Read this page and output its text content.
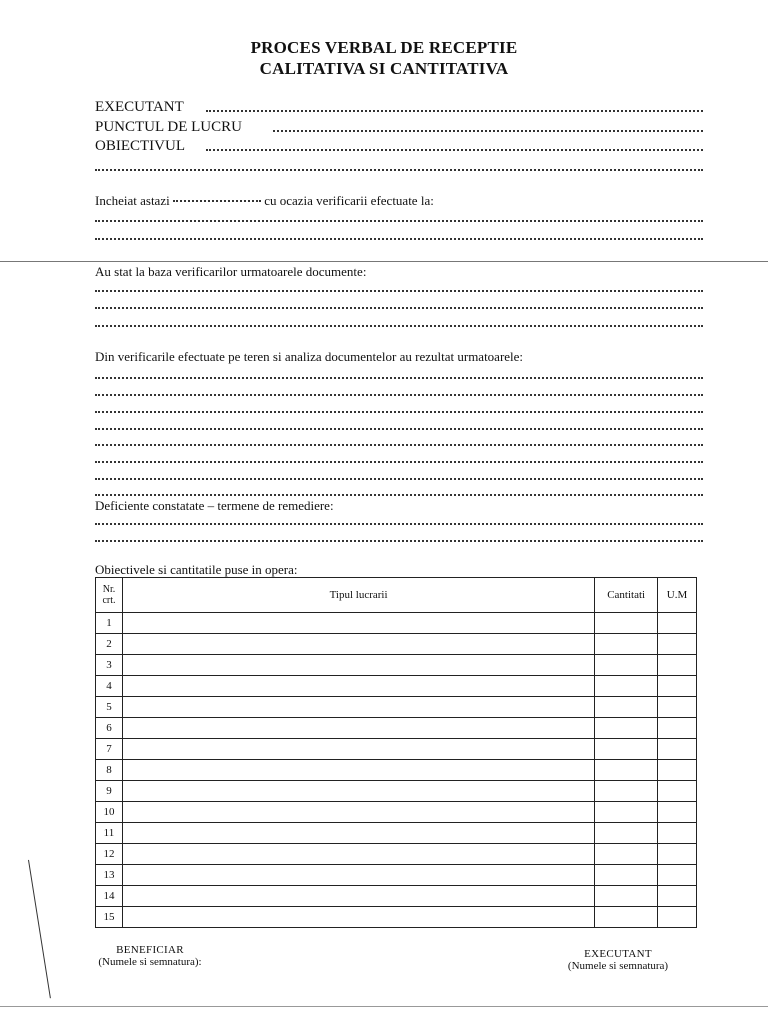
PROCES VERBAL DE RECEPTIE
CALITATIVA SI CANTITATIVA
EXECUTANT
PUNCTUL DE LUCRU
OBIECTIVUL
Incheiat astazi	cu ocazia verificarii efectuate la:
Au stat la baza verificarilor urmatoarele documente:
Din verificarile efectuate pe teren si analiza documentelor au rezultat urmatoarele:
Deficiente constatate – termene de remediere:
Obiectivele si cantitatile puse in opera:
Nr. crt.	Tipul lucrarii	Cantitati	U.M
1			
2			
3			
4			
5			
6			
7			
8			
9			
10			
11			
12			
13			
14			
15			
BENEFICIAR
(Numele si semnatura):
EXECUTANT
(Numele si semnatura)
